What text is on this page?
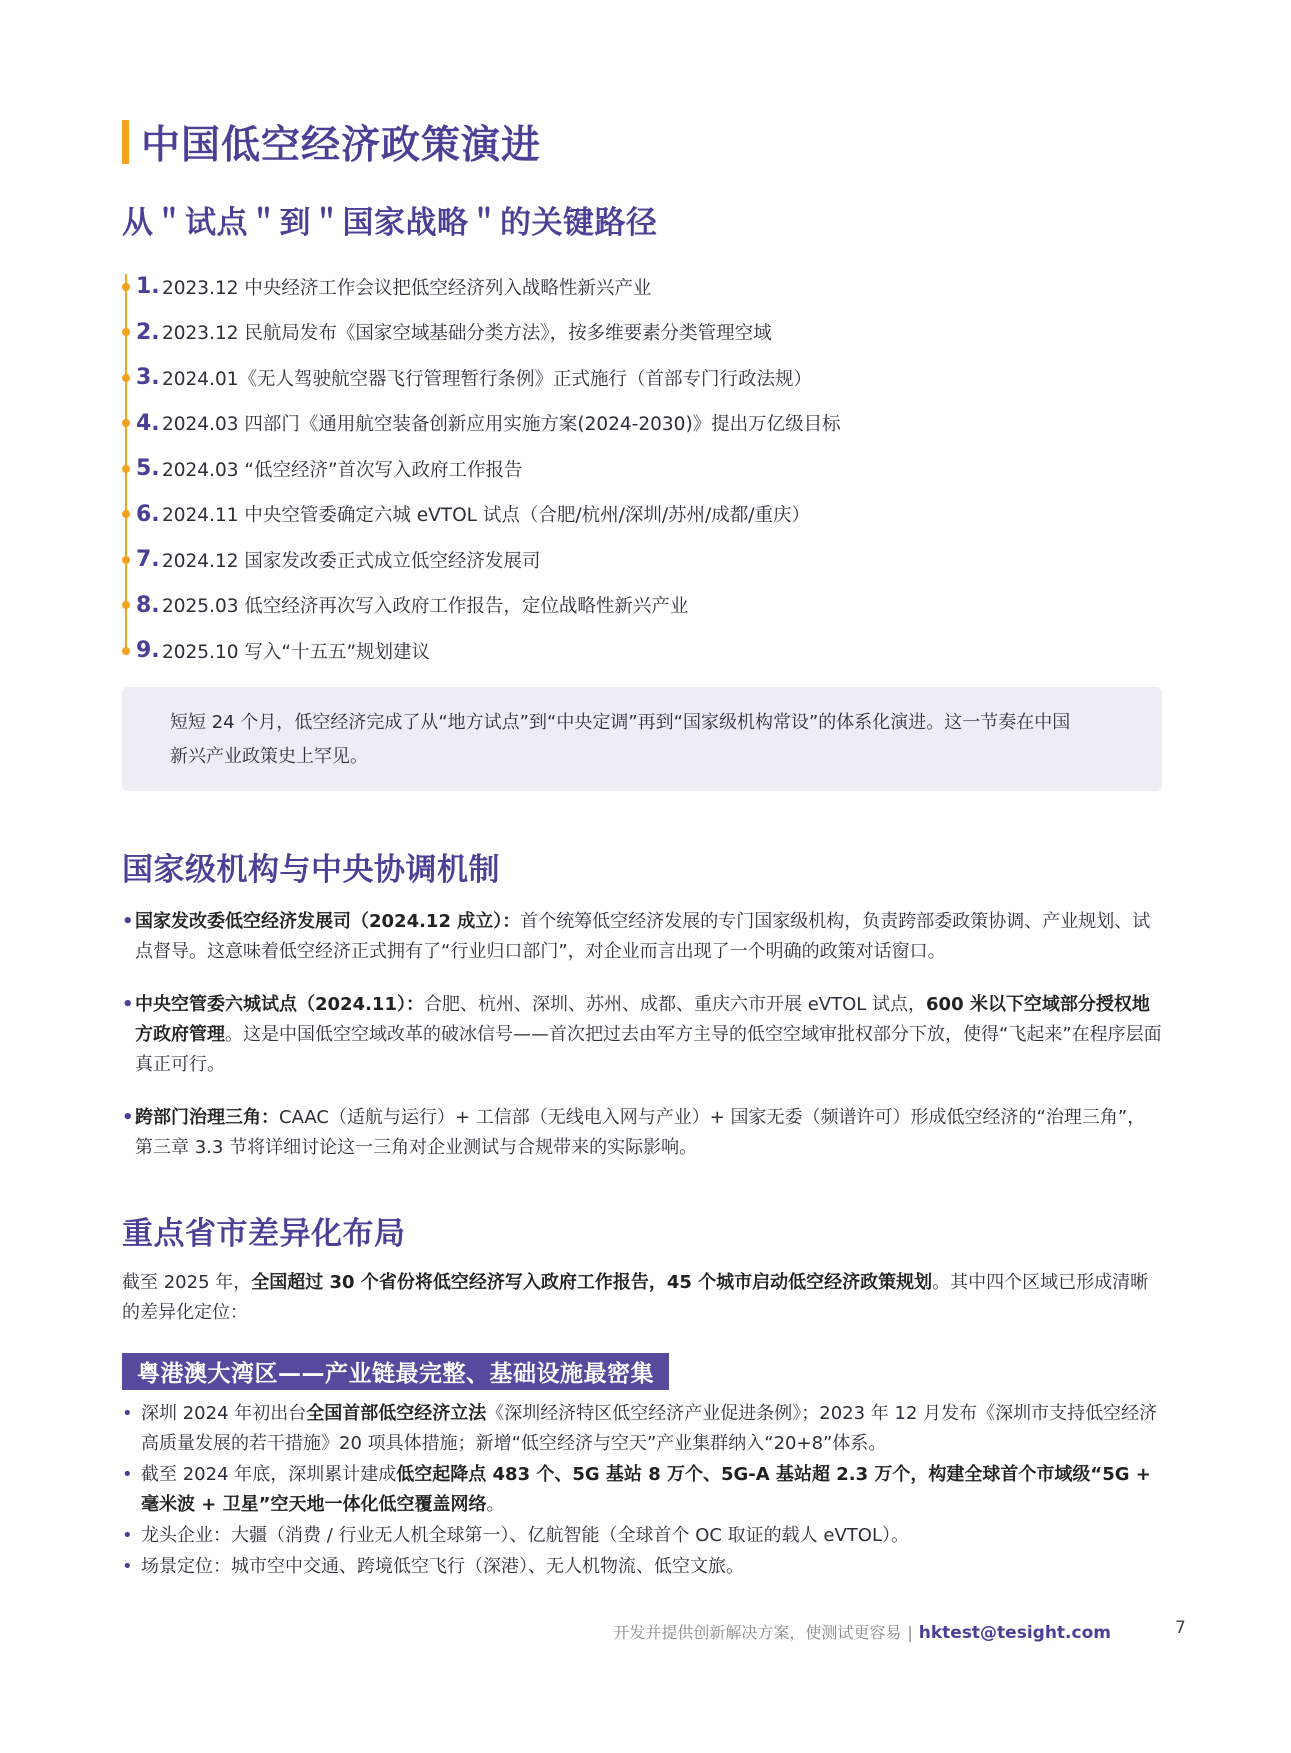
中国低空经济政策演进
从＂试点＂到＂国家战略＂的关键路径
1. 2023.12 中央经济工作会议把低空经济列入战略性新兴产业
2. 2023.12 民航局发布《国家空域基础分类方法》，按多维要素分类管理空域
3. 2024.01《无人驾驶航空器飞行管理暂行条例》正式施行（首部专门行政法规）
4. 2024.03 四部门《通用航空装备创新应用实施方案(2024-2030)》提出万亿级目标
5. 2024.03 “低空经济”首次写入政府工作报告
6. 2024.11 中央空管委确定六城 eVTOL 试点（合肥/杭州/深圳/苏州/成都/重庆）
7. 2024.12 国家发改委正式成立低空经济发展司
8. 2025.03 低空经济再次写入政府工作报告，定位战略性新兴产业
9. 2025.10 写入“十五五”规划建议

短短 24 个月，低空经济完成了从“地方试点”到“中央定调”再到“国家级机构常设”的体系化演进。这一节奏在中国

新兴产业政策史上罕见。

国家级机构与中央协调机制
• 国家发改委低空经济发展司（2024.12 成立）：首个统筹低空经济发展的专门国家级机构，负责跨部委政策协调、产业规划、试点督导。这意味着低空经济正式拥有了“行业归口部门”，对企业而言出现了一个明确的政策对话窗口。
• 中央空管委六城试点（2024.11）：合肥、杭州、深圳、苏州、成都、重庆六市开展 eVTOL 试点，600 米以下空域部分授权地方政府管理。这是中国低空空域改革的破冰信号——首次把过去由军方主导的低空空域审批权部分下放，使得“飞起来”在程序层面真正可行。
• 跨部门治理三角：CAAC（适航与运行）+ 工信部（无线电入网与产业）+ 国家无委（频谱许可）形成低空经济的“治理三角”，第三章 3.3 节将详细讨论这一三角对企业测试与合规带来的实际影响。
重点省市差异化布局
截至 2025 年，全国超过 30 个省份将低空经济写入政府工作报告，45 个城市启动低空经济政策规划。其中四个区域已形成清晰的差异化定位：
粤港澳大湾区——产业链最完整、基础设施最密集
• 深圳 2024 年初出台全国首部低空经济立法《深圳经济特区低空经济产业促进条例》；2023 年 12 月发布《深圳市支持低空经济高质量发展的若干措施》20 项具体措施；新增“低空经济与空天”产业集群纳入“20+8”体系。
• 截至 2024 年底，深圳累计建成低空起降点 483 个、5G 基站 8 万个、5G-A 基站超 2.3 万个，构建全球首个市域级“5G + 毫米波 + 卫星”空天地一体化低空覆盖网络。
• 龙头企业：大疆（消费 / 行业无人机全球第一）、亿航智能（全球首个 OC 取证的载人 eVTOL）。
• 场景定位：城市空中交通、跨境低空飞行（深港）、无人机物流、低空文旅。
开发并提供创新解决方案，使测试更容易 | hktest@tesight.com	7
